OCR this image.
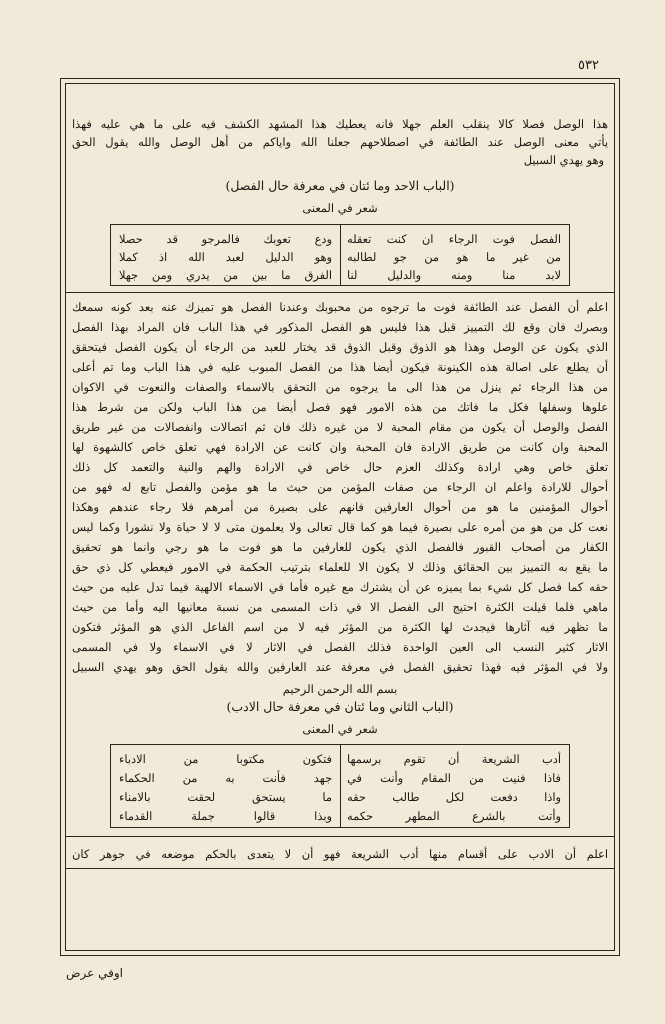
٥٣٢
هذا الوصل فصلا كالا ينقلب العلم جهلا فانه يعطيك هذا المشهد الكشف فيه على ما هي عليه فهذا
يأتي معنى الوصل عند الطائفة في اصطلاحهم جعلنا الله واياكم من أهل الوصل والله يقول الحق
وهو يهدي السبيل
(الباب الاحد وما ئتان في معرفة حال الفصل)
شعر في المعنى
الفصل فوت الرجاء ان كنت تعقله
من غير ما هو من جو لطالبه
لابد منا ومنه والدليل لنا
ودع تعوبك فالمرجو قد حصلا
وهو الدليل لعبد الله اذ كملا
الفرق ما بين من يدري ومن جهلا
اعلم أن الفصل عند الطائفة فوت ما ترجوه من محبوبك وعندنا الفصل هو تميزك عنه بعد كونه سمعك
وبصرك فان وقع لك التمييز قبل هذا فليس هو الفصل المذكور في هذا الباب فان المراد بهذا الفصل
الذي يكون عن الوصل وهذا هو الذوق وقبل الذوق قد يختار للعبد من الرجاء أن يكون الفصل فيتحقق
أن يطلع على اصالة هذه الكينونة فيكون أيضا هذا من الفصل المبوب عليه في هذا الباب وما تم أعلى
من هذا الرجاء ثم ينزل من هذا الى ما يرجوه من التحقق بالاسماء والصفات والنعوت في الاكوان
علوها وسفلها فكل ما فاتك من هذه الامور فهو فصل أيضا من هذا الباب ولكن من شرط هذا
الفصل والوصل أن يكون من مقام المحبة لا من غيره ذلك فان ثم اتصالات وانفصالات من غير طريق
المحبة وان كانت من طريق الارادة فان المحبة وان كانت عن الارادة فهي تعلق خاص كالشهوة لها
تعلق خاص وهي ارادة وكذلك العزم حال خاص في الارادة والهم والنية والتعمد كل ذلك
أحوال للارادة واعلم ان الرجاء من صفات المؤمن من حيث ما هو مؤمن والفصل تابع له فهو من
أحوال المؤمنين ما هو من أحوال العارفين فانهم على بصيرة من أمرهم فلا رجاء عندهم وهكذا
نعت كل من هو من أمره على بصيرة فيما هو كما قال تعالى ولا يعلمون متى لا لا حياة ولا نشورا وكما ليس
الكفار من أصحاب القبور فالفصل الذي يكون للعارفين ما هو فوت ما هو رجي وانما هو تحقيق
ما يقع به التمييز بين الحقائق وذلك لا يكون الا للعلماء بترتيب الحكمة في الامور فيعطي كل ذي حق
حقه كما فصل كل شيء بما يميزه عن أن يشترك مع غيره فأما في الاسماء الالهية فيما تدل عليه من حيث
ماهي فلما قيلت الكثرة احتيج الى الفصل الا في ذات المسمى من نسبة معانيها اليه وأما من حيث
ما تظهر فيه آثارها فيجدث لها الكثرة من المؤثر فيه لا من اسم الفاعل الذي هو المؤثر فتكون
الاثار كثير النسب الى العين الواحدة فذلك الفصل في الاثار لا في الاسماء ولا في المسمى
ولا في المؤثر فيه فهذا تحقيق الفصل في معرفة عند العارفين والله يقول الحق وهو يهدي السبيل
بسم الله الرحمن الرحيم
(الباب الثاني وما ئتان في معرفة حال الادب)
شعر في المعنى
أدب الشريعة أن تقوم برسمها
فاذا فنيت من المقام وأنت في
واذا دفعت لكل طالب حقه
وأتت بالشرع المطهر حكمه
فتكون مكتوبا من الادباء
جهد فأنت به من الحكماء
ما يستحق لحقت بالامناء
وبذا قالوا جملة القدماء
اعلم أن الادب على أقسام منها أدب الشريعة فهو أن لا يتعدى بالحكم موضعه في جوهر كان
اوفي عرض
